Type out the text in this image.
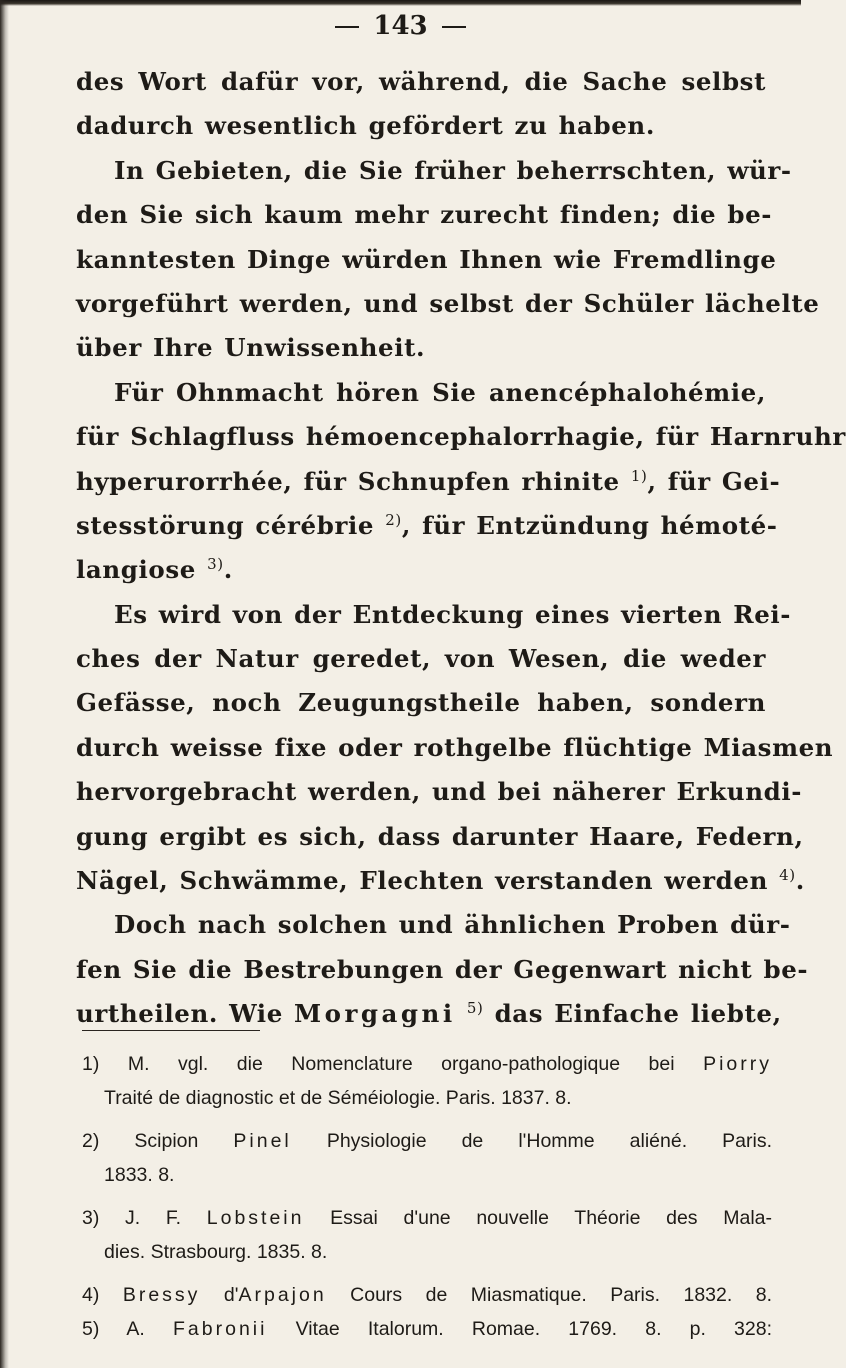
143
des Wort dafür vor, während, die Sache selbst
dadurch wesentlich gefördert zu haben.
In Gebieten, die Sie früher beherrschten, wür-
den Sie sich kaum mehr zurecht finden; die be-
kanntesten Dinge würden Ihnen wie Fremdlinge
vorgeführt werden, und selbst der Schüler lächelte
über Ihre Unwissenheit.
Für Ohnmacht hören Sie anencéphalohémie,
für Schlagfluss hémoencephalorrhagie, für Harnruhr
hyperurorrhée, für Schnupfen rhinite $^{1)}$, für Gei-
stesstörung cérébrie $^{2)}$, für Entzündung hémoté-
langiose $^{3)}$.
Es wird von der Entdeckung eines vierten Rei-
ches der Natur geredet, von Wesen, die weder
Gefässe, noch Zeugungstheile haben, sondern
durch weisse fixe oder rothgelbe flüchtige Miasmen
hervorgebracht werden, und bei näherer Erkundi-
gung ergibt es sich, dass darunter Haare, Federn,
Nägel, Schwämme, Flechten verstanden werden $^{4)}$.
Doch nach solchen und ähnlichen Proben dür-
fen Sie die Bestrebungen der Gegenwart nicht be-
urtheilen. Wie Morgagni $^{5)}$ das Einfache liebte,
1) M. vgl. die Nomenclature organo-pathologique bei Piorry
Traité de diagnostic et de Séméiologie. Paris. 1837. 8.
2) Scipion Pinel Physiologie de l'Homme aliéné. Paris.
1833. 8.
3) J. F. Lobstein Essai d'une nouvelle Théorie des Mala-
dies. Strasbourg. 1835. 8.
4) Bressy d'Arpajon Cours de Miasmatique. Paris. 1832. 8.
5) A. Fabronii Vitae Italorum. Romae. 1769. 8. p. 328:
